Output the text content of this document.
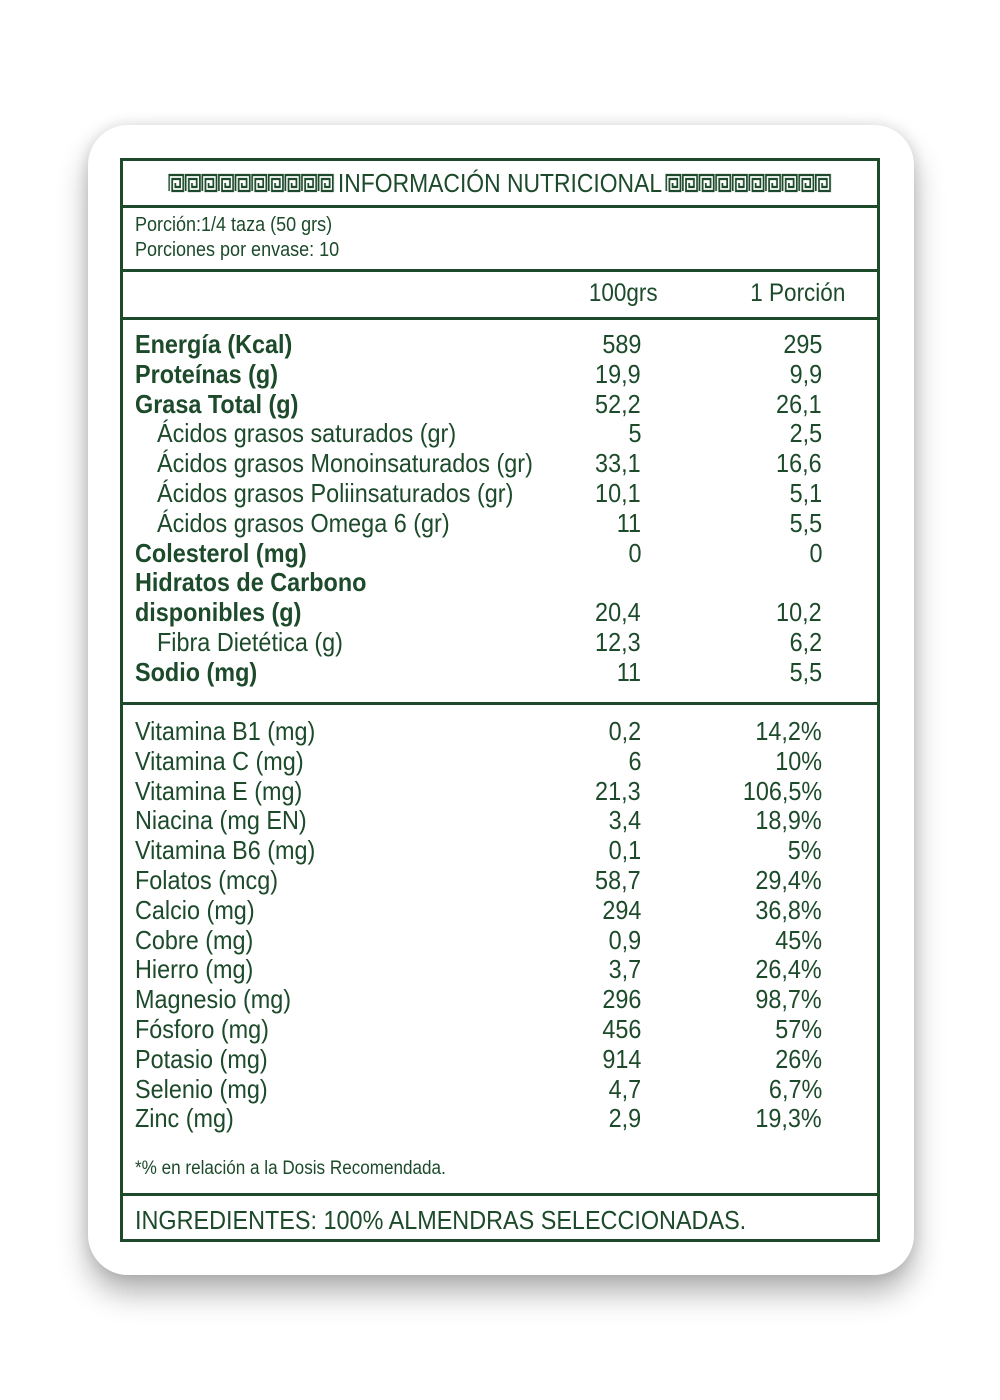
INFORMACIÓN NUTRICIONAL
Porción:1/4 taza (50 grs)
Porciones por envase: 10
100grs	1 Porción
Energía (Kcal)	589	295
Proteínas (g)	19,9	9,9
Grasa Total (g)	52,2	26,1
Ácidos grasos saturados (gr)	5	2,5
Ácidos grasos Monoinsaturados (gr) 33,1	16,6
Ácidos grasos Poliinsaturados (gr)	10,1	5,1
Ácidos grasos Omega 6 (gr)	11	5,5
Colesterol (mg)	0	0
Hidratos de Carbono
disponibles (g)	20,4	10,2
Fibra Dietética (g)	12,3	6,2
Sodio (mg)	11	5,5
Vitamina B1 (mg)	0,2	14,2%
Vitamina C (mg)	6	10%
Vitamina E (mg)	21,3	106,5%
Niacina (mg EN)	3,4	18,9%
Vitamina B6 (mg)	0,1	5%
Folatos (mcg)	58,7	29,4%
Calcio (mg)	294	36,8%
Cobre (mg)	0,9	45%
Hierro (mg)	3,7	26,4%
Magnesio (mg)	296	98,7%
Fósforo (mg)	456	57%
Potasio (mg)	914	26%
Selenio (mg)	4,7	6,7%
Zinc (mg)	2,9	19,3%
*% en relación a la Dosis Recomendada.
INGREDIENTES: 100% ALMENDRAS SELECCIONADAS.
